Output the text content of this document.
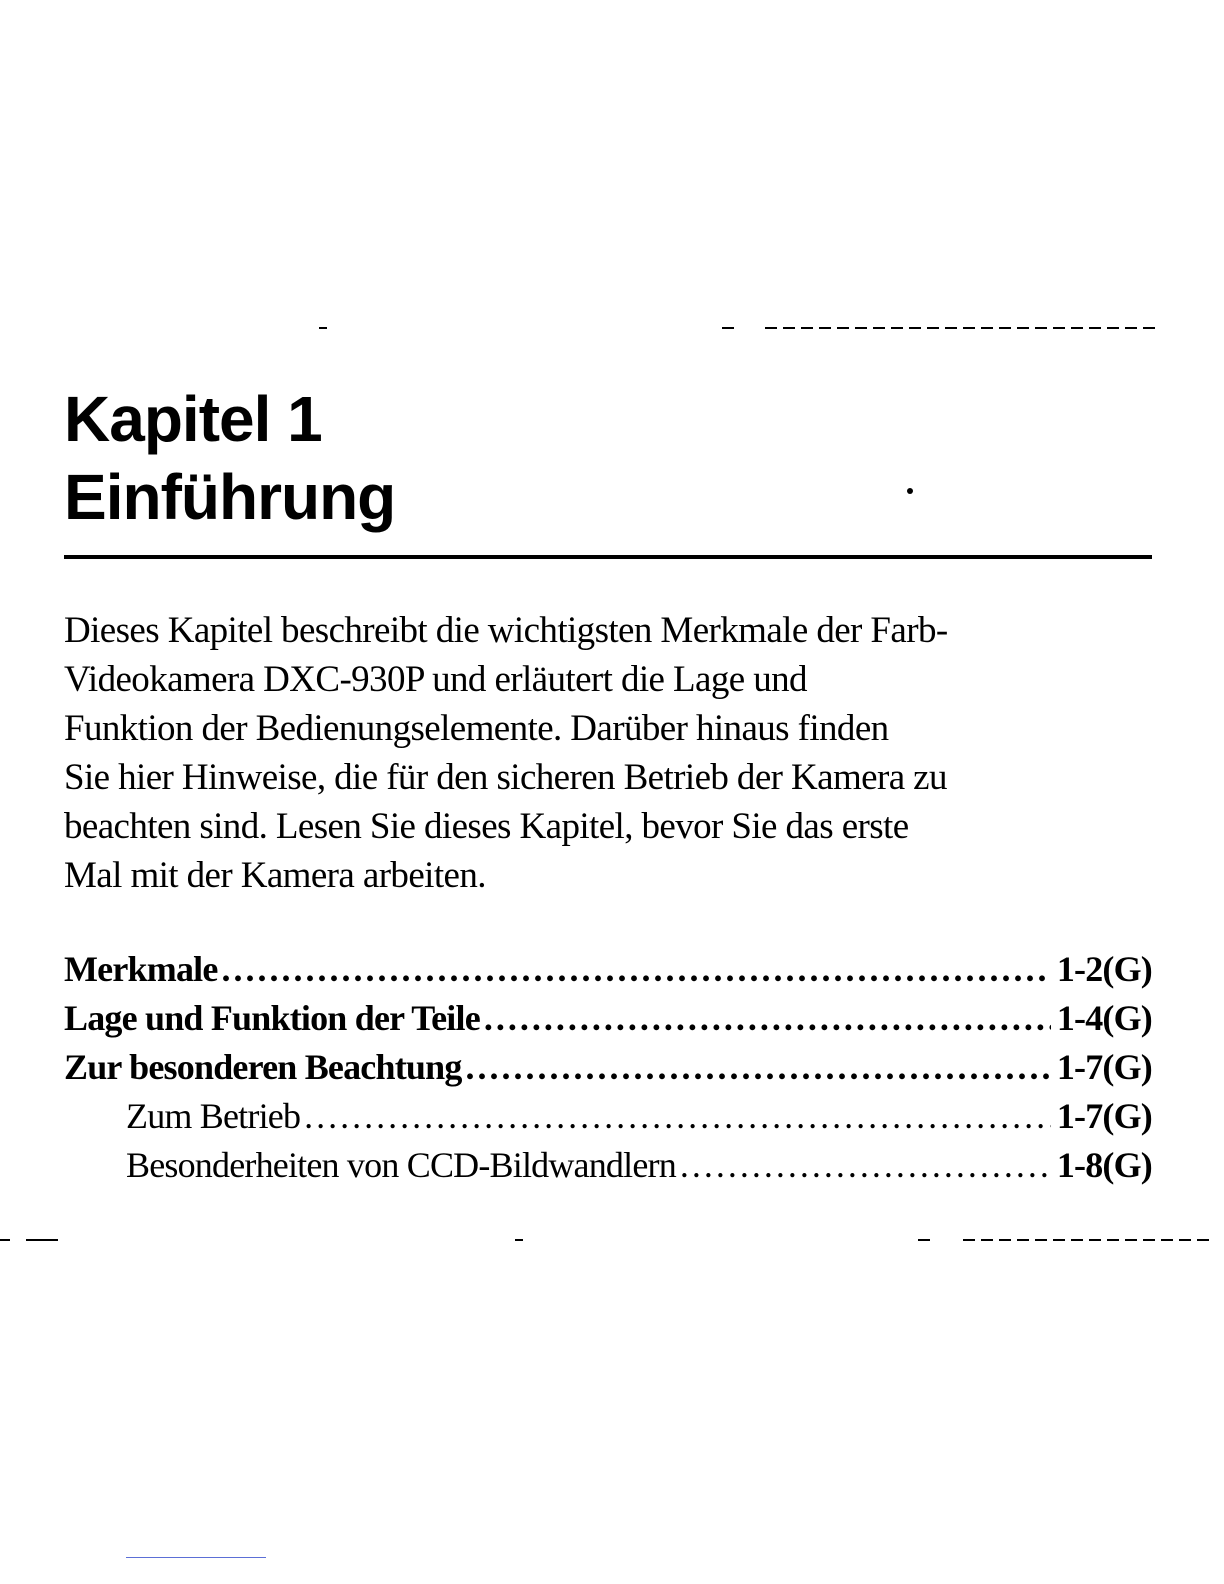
Kapitel 1
Einführung

Dieses Kapitel beschreibt die wichtigsten Merkmale der Farb-
Videokamera DXC-930P und erläutert die Lage und
Funktion der Bedienungselemente. Darüber hinaus finden
Sie hier Hinweise, die für den sicheren Betrieb der Kamera zu
beachten sind. Lesen Sie dieses Kapitel, bevor Sie das erste
Mal mit der Kamera arbeiten.

Merkmale . . .	1-2(G)
Lage und Funktion der Teile . . .	1-4(G)
Zur besonderen Beachtung . . .	1-7(G)
Zum Betrieb . . .	1-7(G)
Besonderheiten von CCD-Bildwandlern . . .	1-8(G)
